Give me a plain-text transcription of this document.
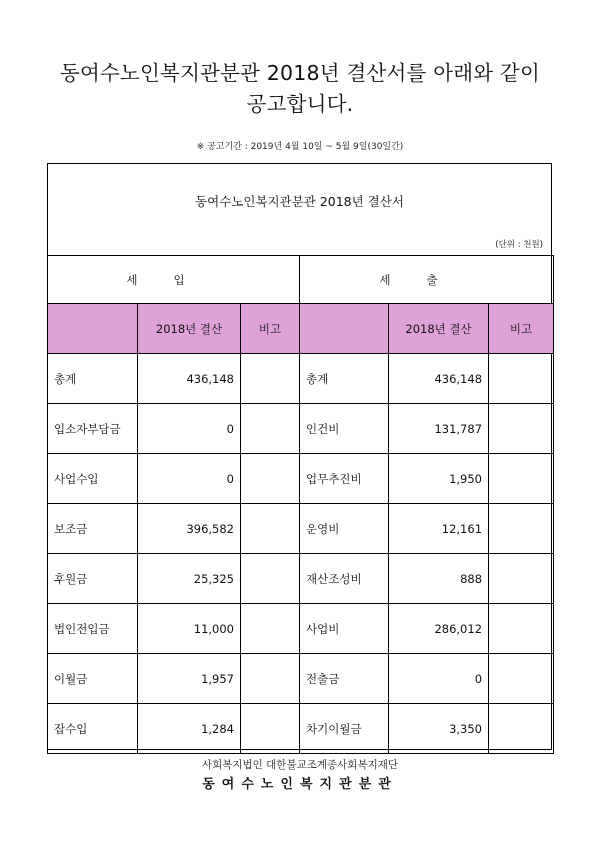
동여수노인복지관분관 2018년 결산서를 아래와 같이
공고합니다.
※ 공고기간 : 2019년 4월 10일 ~ 5월 9일(30일간)
동여수노인복지관분관 2018년 결산서
(단위 : 천원)
세입			세출		
	2018년 결산	비고		2018년 결산	비고
총계	436,148		총계	436,148	
입소자부담금	0		인건비	131,787	
사업수입	0		업무추진비	1,950	
보조금	396,582		운영비	12,161	
후원금	25,325		재산조성비	888	
법인전입금	11,000		사업비	286,012	
이월금	1,957		전출금	0	
잡수입	1,284		차기이월금	3,350	
사회복지법인 대한불교조계종사회복지재단
동여수노인복지관분관
